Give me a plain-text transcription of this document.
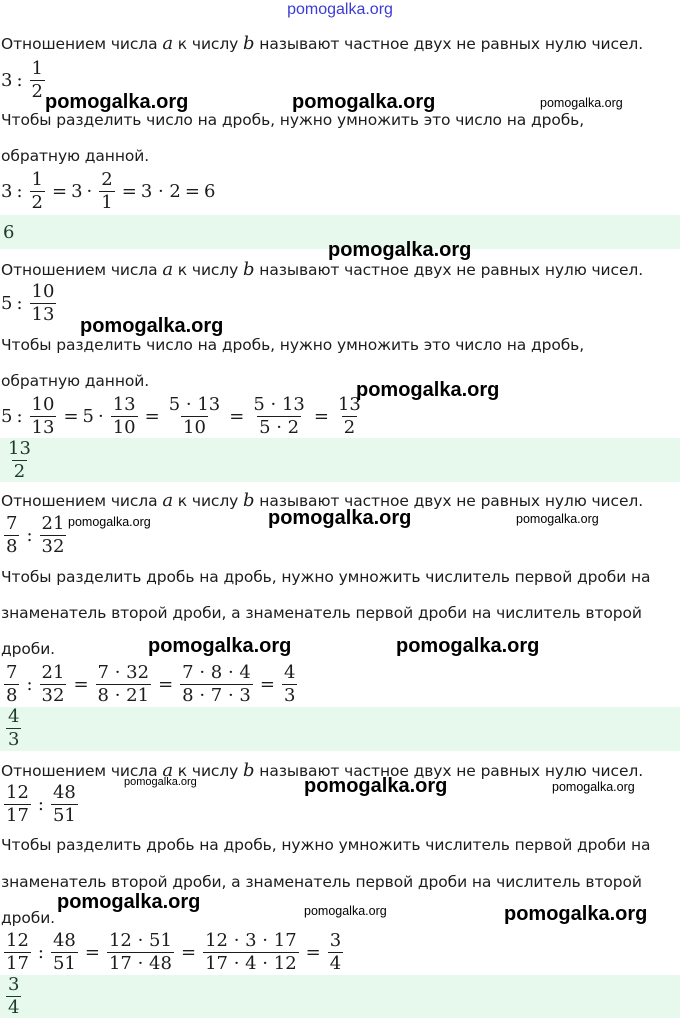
pomogalka.org
Отношением числа a к числу b называют частное двух не равных нулю чисел.
3 : $\frac{1}{2}$
Чтобы разделить число на дробь, нужно умножить это число на дробь,
обратную данной.
3 : $\frac{1}{2} = 3 \cdot \frac{2}{1} = 3 \cdot 2 = 6$
6
Отношением числа a к числу b называют частное двух не равных нулю чисел.
5 : $\frac{10}{13}$
Чтобы разделить число на дробь, нужно умножить это число на дробь,
обратную данной.
5 : $\frac{10}{13} = 5 \cdot \frac{13}{10} = \frac{5 \cdot 13}{10} = \frac{5 \cdot 13}{5 \cdot 2} = \frac{13}{2}$
$\frac{13}{2}$
Отношением числа a к числу b называют частное двух не равных нулю чисел.
$\frac{7}{8}$ : $\frac{21}{32}$
Чтобы разделить дробь на дробь, нужно умножить числитель первой дроби на
знаменатель второй дроби, а знаменатель первой дроби на числитель второй
дроби.
$\frac{7}{8}$ : $\frac{21}{32} = \frac{7 \cdot 32}{8 \cdot 21} = \frac{7 \cdot 8 \cdot 4}{8 \cdot 7 \cdot 3} = \frac{4}{3}$
$\frac{4}{3}$
Отношением числа a к числу b называют частное двух не равных нулю чисел.
$\frac{12}{17}$ : $\frac{48}{51}$
Чтобы разделить дробь на дробь, нужно умножить числитель первой дроби на
знаменатель второй дроби, а знаменатель первой дроби на числитель второй
дроби.
$\frac{12}{17}$ : $\frac{48}{51} = \frac{12 \cdot 51}{17 \cdot 48} = \frac{12 \cdot 3 \cdot 17}{17 \cdot 4 \cdot 12} = \frac{3}{4}$
$\frac{3}{4}$
pomogalka.org	pomogalka.org	pomogalka.org
pomogalka.org
pomogalka.org
pomogalka.org
pomogalka.org	pomogalka.org	pomogalka.org
pomogalka.org	pomogalka.org
pomogalka.org	pomogalka.org	pomogalka.org
pomogalka.org	pomogalka.org	pomogalka.org
